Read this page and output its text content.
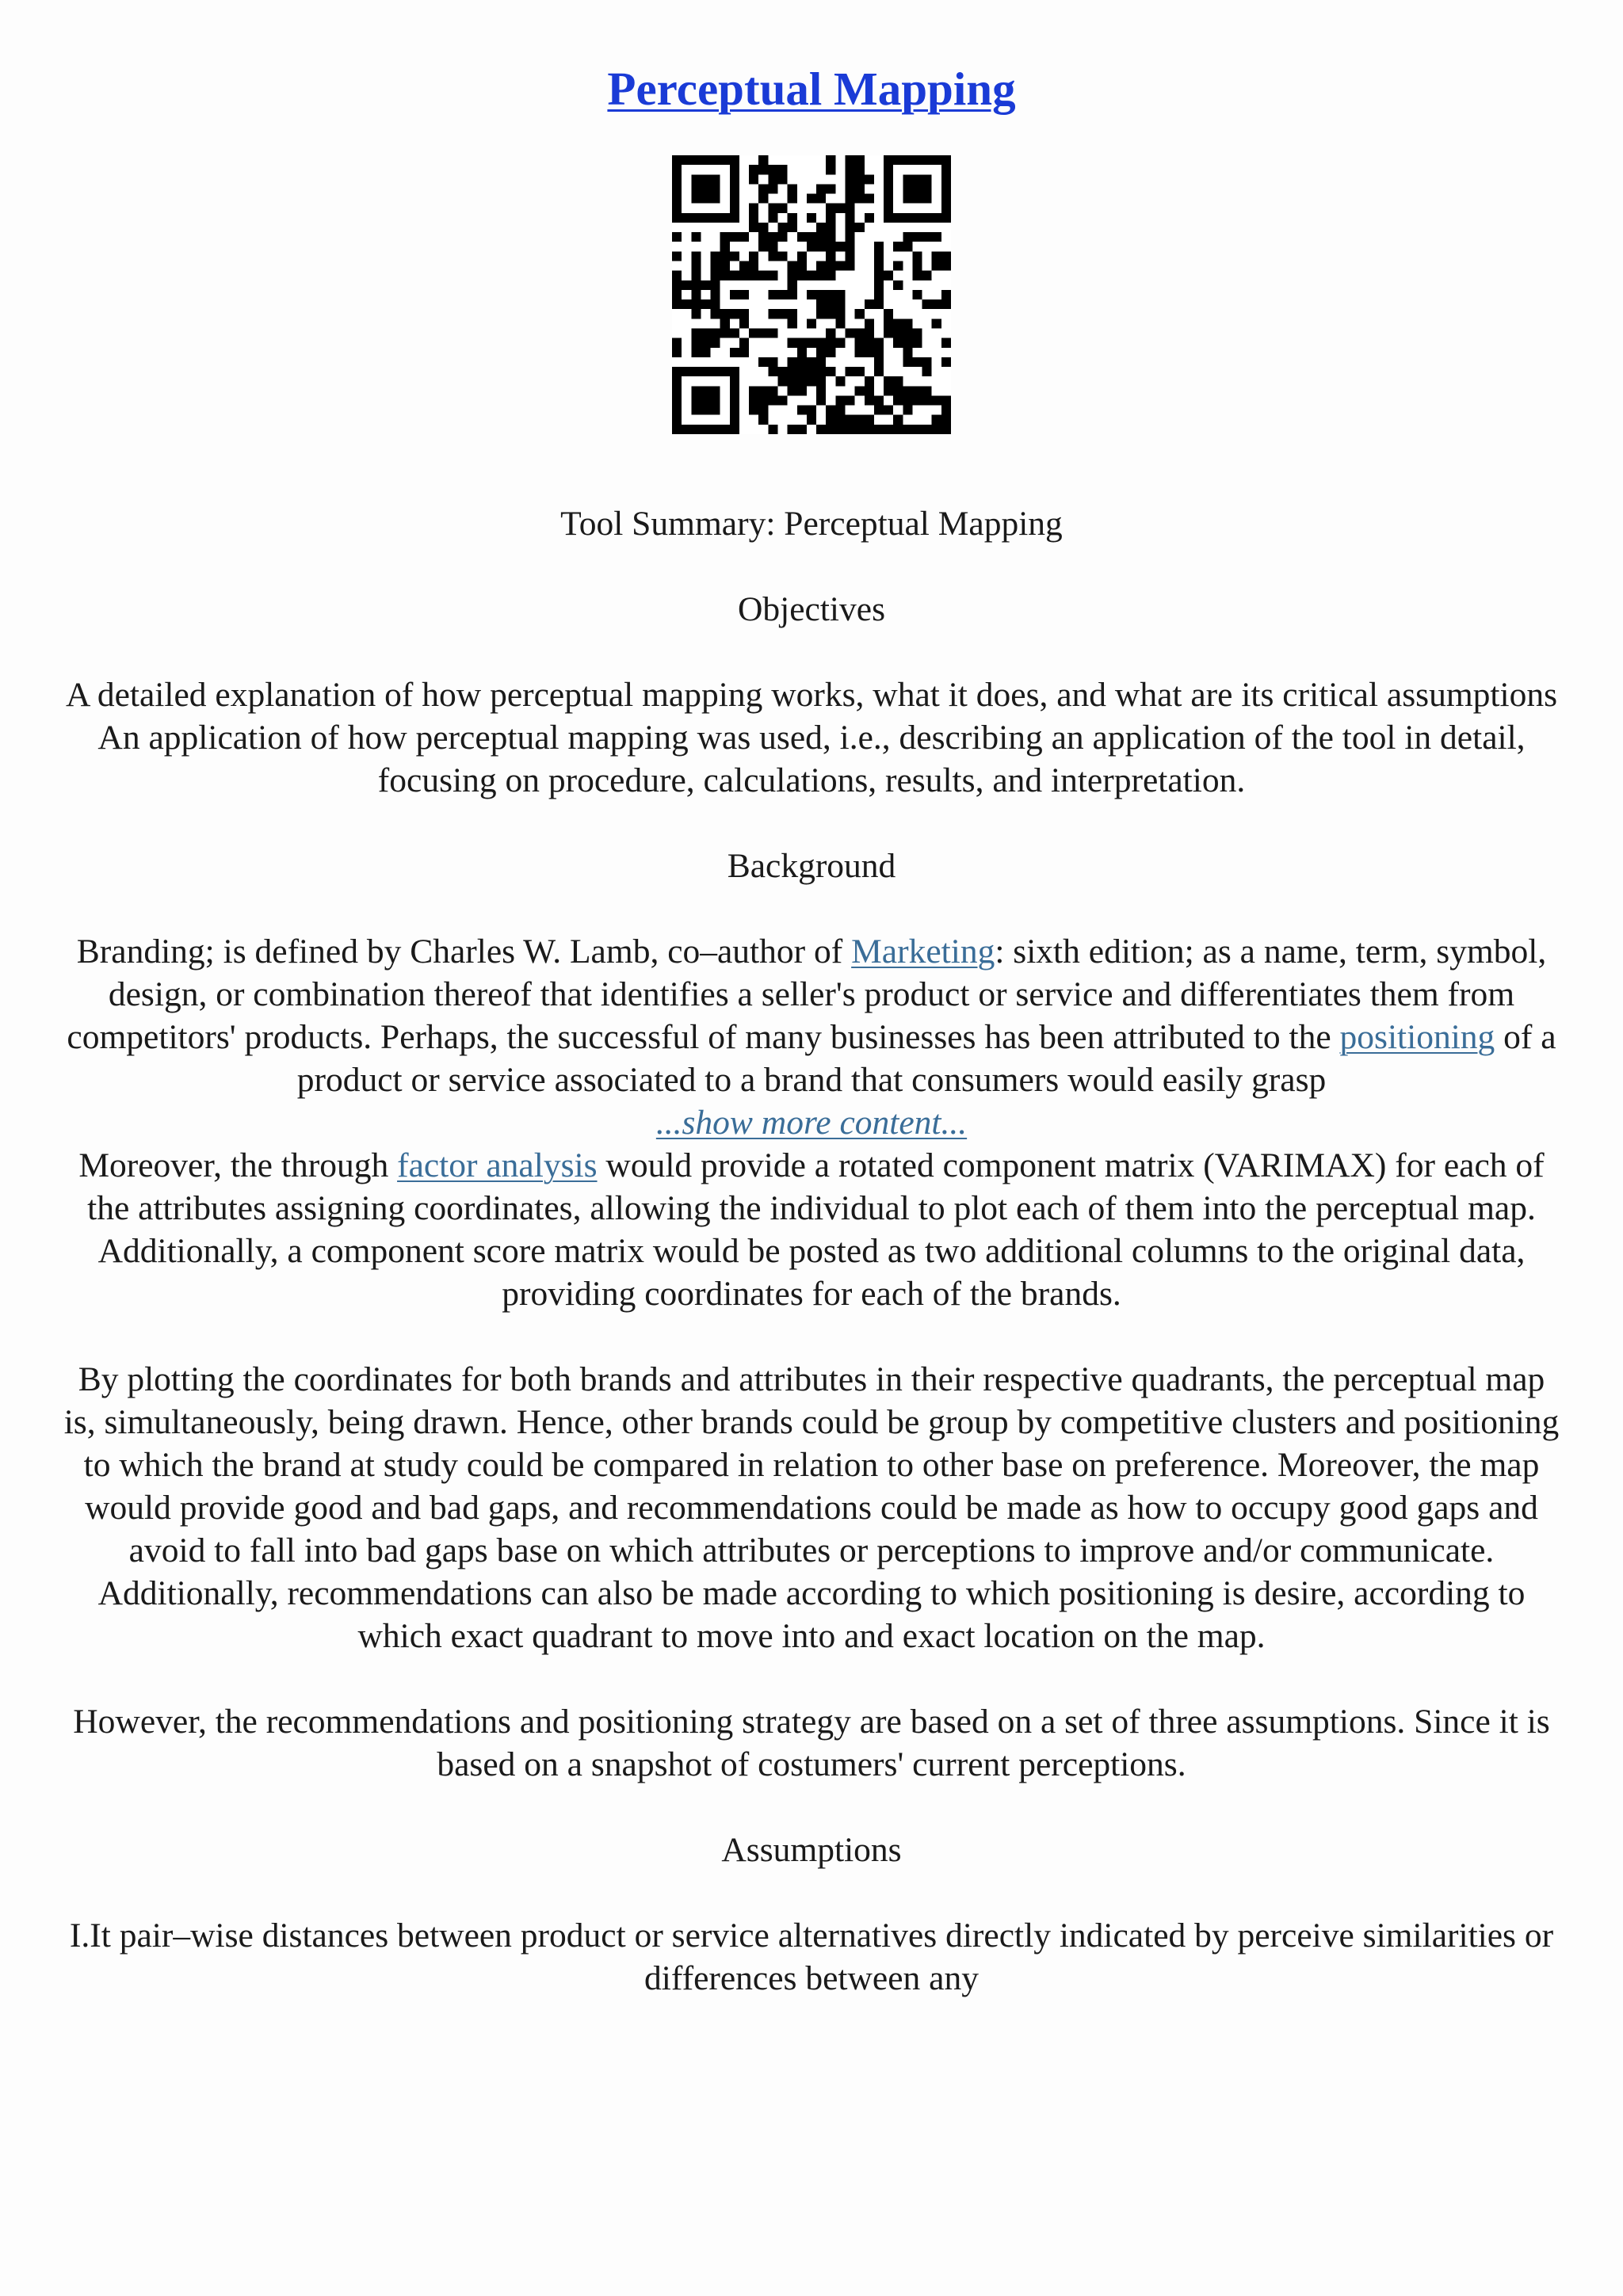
Perceptual Mapping

Tool Summary: Perceptual Mapping

Objectives

A detailed explanation of how perceptual mapping works, what it does, and what are its critical assumptions

An application of how perceptual mapping was used, i.e., describing an application of the tool in detail, focusing on procedure, calculations, results, and interpretation.

Background

Branding; is defined by Charles W. Lamb, co–author of Marketing: sixth edition; as a name, term, symbol, design, or combination thereof that identifies a seller's product or service and differentiates them from competitors' products. Perhaps, the successful of many businesses has been attributed to the positioning of a product or service associated to a brand that consumers would easily grasp

...show more content...

Moreover, the through factor analysis would provide a rotated component matrix (VARIMAX) for each of the attributes assigning coordinates, allowing the individual to plot each of them into the perceptual map. Additionally, a component score matrix would be posted as two additional columns to the original data, providing coordinates for each of the brands.

By plotting the coordinates for both brands and attributes in their respective quadrants, the perceptual map is, simultaneously, being drawn. Hence, other brands could be group by competitive clusters and positioning to which the brand at study could be compared in relation to other base on preference. Moreover, the map would provide good and bad gaps, and recommendations could be made as how to occupy good gaps and avoid to fall into bad gaps base on which attributes or perceptions to improve and/or communicate. Additionally, recommendations can also be made according to which positioning is desire, according to which exact quadrant to move into and exact location on the map.

However, the recommendations and positioning strategy are based on a set of three assumptions. Since it is based on a snapshot of costumers' current perceptions.

Assumptions

I.It pair–wise distances between product or service alternatives directly indicated by perceive similarities or differences between any
